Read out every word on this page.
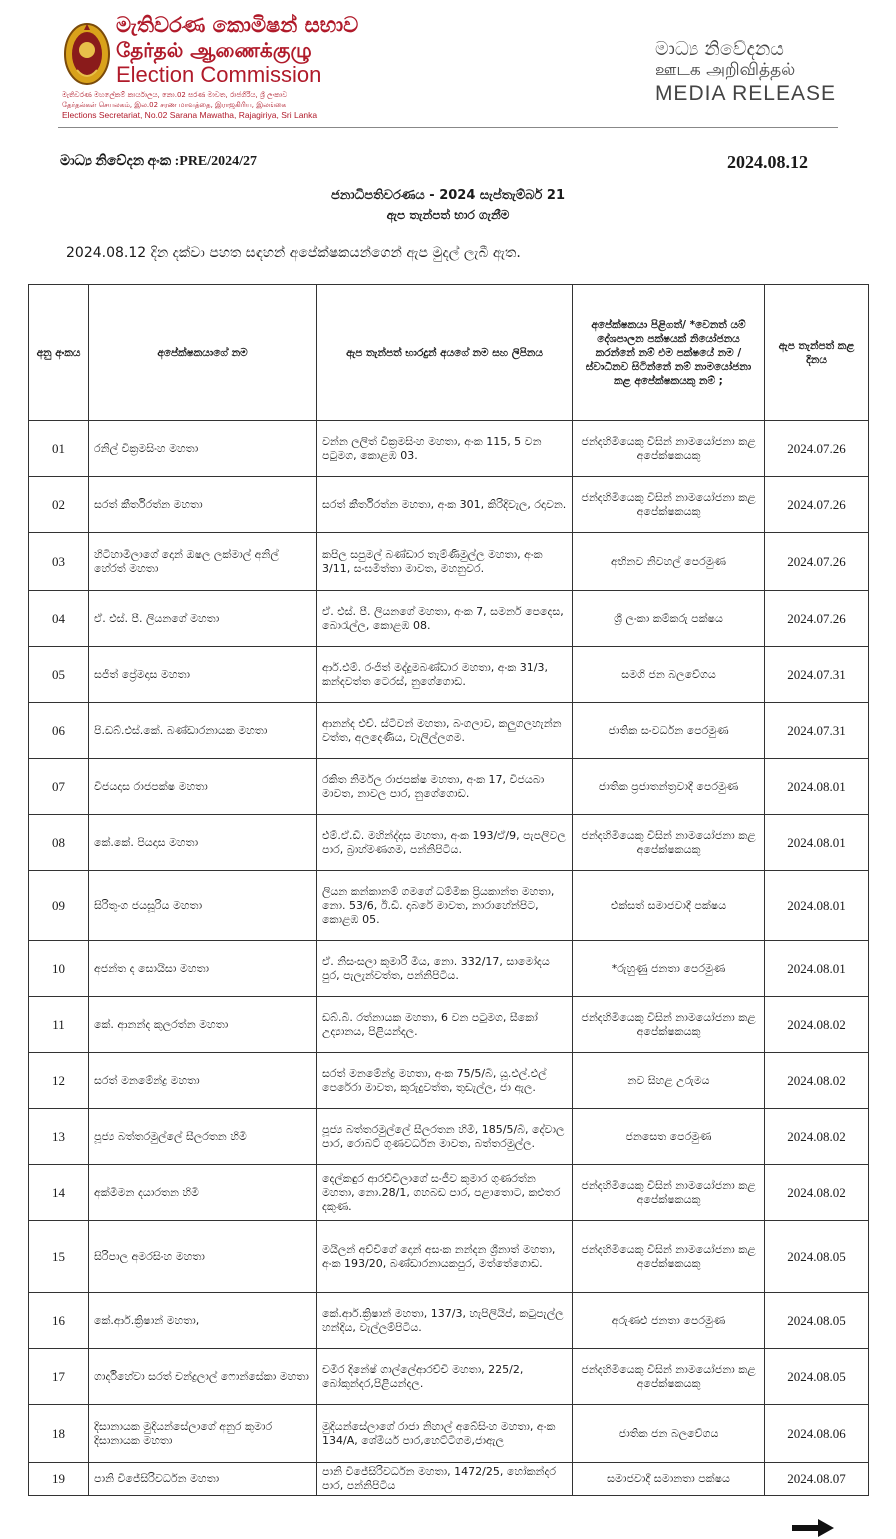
මැතිවරණ කොමිෂන් සභාව
தேர்தல் ஆணைக்குழு
Election Commission
මැතිවරණ මහලේකම් කාර්යාලය, නො.02 සරණ මාවත, රාජගිරිය, ශ්‍රී ලංකාව
தேர்தல்கள் செயலகம், இல.02 சரண மாவத்தை, இராஜகிரிய, இலங்கை
Elections Secretariat, No.02 Sarana Mawatha, Rajagiriya, Sri Lanka
මාධ්‍ය නිවේදනය
ஊடக அறிவித்தல்
MEDIA RELEASE
මාධ්‍ය නිවේදන අංක :PRE/2024/27	2024.08.12
ජනාධිපතිවරණය - 2024 සැප්තැම්බර් 21
ඇප තැන්පත් භාර ගැනීම
2024.08.12 දින දක්වා පහත සඳහන් අපේක්ෂකයන්ගෙන් ඇප මුදල් ලැබී ඇත.
අනු අංකය	අපේක්ෂකයාගේ නම	ඇප තැන්පත් භාරදුන් අයගේ නම සහ ලිපිනය	අපේක්ෂකයා පිළිගත්/ *වෙනත් යම් දේශපාලන පක්ෂයක් නියෝජනය කරන්නේ නම් එම පක්ෂයේ නම / ස්වාධීනව සිටින්නේ නම් නාමයෝජනා කළ අපේක්ෂකයකු නම් ;	ඇප තැන්පත් කළ දිනය
01	රනිල් වික්‍රමසිංහ මහතා	වන්න ලලිත් වික්‍රමසිංහ මහතා, අංක 115, 5 වන පටුමග, කොළඹ 03.	ජන්දහිමියෙකු විසින් නාමයෝජනා කළ අපේක්ෂකයකු	2024.07.26
02	සරත් කීර්තිරත්න මහතා	සරත් කීර්තිරත්න මහතා, අංක 301, කිරිදිවැල, රදාවන.	ජන්දහිමියෙකු විසින් නාමයෝජනා කළ අපේක්ෂකයකු	2024.07.26
03	හිටිහාමිලාගේ දොන් ඔෂල ලක්මාල් අනිල් හේරත් මහතා	කපිල සපුමල් බණ්ඩාර තැම්ණිමුල්ල මහතා, අංක 3/11, සංඝමිත්තා මාවත, මහනුවර.	අභිනව නිවහල් පෙරමුණ	2024.07.26
04	ඒ. එස්. පී. ලියනගේ මහතා	ඒ. එස්. පී. ලියනගේ මහතා, අංක 7, සමනර් පෙදෙස, බොරැල්ල, කොළඹ 08.	ශ්‍රී ලංකා කම්කරු පක්ෂය	2024.07.26
05	සජිත් ප්‍රේමදාස මහතා	ආර්.එම්. රංජිත් මද්දුමබණ්ඩාර මහතා, අංක 31/3, කන්දවත්ත ටෙරස්, නුගේගොඩ.	සමගි ජන බලවේගය	2024.07.31
06	පි.ඩබ්.එස්.කේ. බණ්ඩාරනායක මහතා	ආනන්ද එච්. ස්ටීවන් මහතා, බංගලාව, කලුගලහැන්න වත්ත, අලදෙණිය, වැලිල්ලගම.	ජාතික සංවර්ධන පෙරමුණ	2024.07.31
07	විජයදාස රාජපක්ෂ මහතා	රකිත නිර්මල රාජපක්ෂ මහතා, අංක 17, විජයබා මාවත, නාවල පාර, නුගේගොඩ.	ජාතික ප්‍රජාතන්ත්‍රවාදී පෙරමුණ	2024.08.01
08	කේ.කේ. පියදාස මහතා	එම්.ඒ.ඩී. මහින්ද්දාස මහතා, අංක 193/ඒ/9, පැපලිවල පාර, බ්‍රාහ්මණගම, පන්නිපිටිය.	ජන්දහිමියෙකු විසින් නාමයෝජනා කළ අපේක්ෂකයකු	2024.08.01
09	සිරිතුංග ජයසූරිය මහතා	ලියන කන්කානම් ගමගේ ධම්මික ප්‍රියකාන්ත මහතා, නො. 53/6, ඊ.ඩී. දාබරේ මාවත, නාරාහේන්පිට, කොළඹ 05.	එක්සත් සමාජවාදී පක්ෂය	2024.08.01
10	අජන්ත ද සොයිසා මහතා	ඒ. නිසංසලා කුමාරි මිය, නො. 332/17, සාමෝදය පුර, පැලැන්වත්ත, පන්නිපිටිය.	*රුහුණු ජනතා පෙරමුණ	2024.08.01
11	කේ. ආනන්ද කුලරත්න මහතා	ඩබ්.බී. රත්නායක මහතා, 6 වන පටුමග, සීකෝ උද්‍යානය, පිළියන්දල.	ජන්දහිමියෙකු විසින් නාමයෝජනා කළ අපේක්ෂකයකු	2024.08.02
12	සරත් මනමේන්ද්‍ර මහතා	සරත් මනමේන්ද්‍ර මහතා, අංක 75/5/බී, යූ.එල්.එල් පෙරේරා මාවත, කුරුදුවත්ත, තුඩැල්ල, ජා ඇල.	නව සිහළ උරුමය	2024.08.02
13	පූජ්‍ය බත්තරමුල්ලේ සීලරතන හිමි	පූජ්‍ය බත්තරමුල්ලේ සීලරතන හිමි, 185/5/බී, දේවාල පාර, රොබට් ගුණවර්ධන මාවත, බත්තරමුල්ල.	ජනසෙත පෙරමුණ	2024.08.02
14	අක්මීමන දයාරතන හිමි	දෙල්කඳුර ආරච්චිලාගේ සංජීව කුමාර ගුණරත්න මහතා, නො.28/1, ගහබඩ පාර, පළාතොට, කළුතර දකුණ.	ජන්දහිමියෙකු විසින් නාමයෝජනා කළ අපේක්ෂකයකු	2024.08.02
15	සිරිපාල අමරසිංහ මහතා	මයිලන් අච්චිගේ දොන් අසංක නන්දන ශ්‍රීනාත් මහතා, අංක 193/20, බණ්ඩාරනායකපුර, මත්තේගොඩ.	ජන්දහිමියෙකු විසින් නාමයෝජනා කළ අපේක්ෂකයකු	2024.08.05
16	කේ.ආර්.ක්‍රිෂාන් මහතා,	කේ.ආර්.ක්‍රිෂාන් මහතා, 137/3, හැපිලියිප්, කටුපැල්ල හන්දිය, වැල්ලම්පිටිය.	අරුණළු ජනතා පෙරමුණ	2024.08.05
17	ගාර්දිහේවා සරත් චන්ද්‍රලාල් ෆොන්සේකා මහතා	චමිර දිනේෂ් ගාල්ලේආරච්චි මහතා, 225/2, බෝකුන්දර,පිළියන්දල.	ජන්දහිමියෙකු විසින් නාමයෝජනා කළ අපේක්ෂකයකු	2024.08.05
18	දිසානායක මුදියන්සේලාගේ අනුර කුමාර දිසානායක මහතා	මුදියන්සේලාගේ රාජා නිහාල් අබේසිංහ මහතා, අංක 134/A, ශේමියර් පාර,හෙට්ටිගම,ජාඇල	ජාතික ජන බලවේගය	2024.08.06
19	පානි විජේසිරිවර්ධන මහතා	පානි විජේසිරිවර්ධන මහතා, 1472/25, හෝකන්දර පාර, පන්නිපිටිය	සමාජවාදී සමානතා පක්ෂය	2024.08.07
